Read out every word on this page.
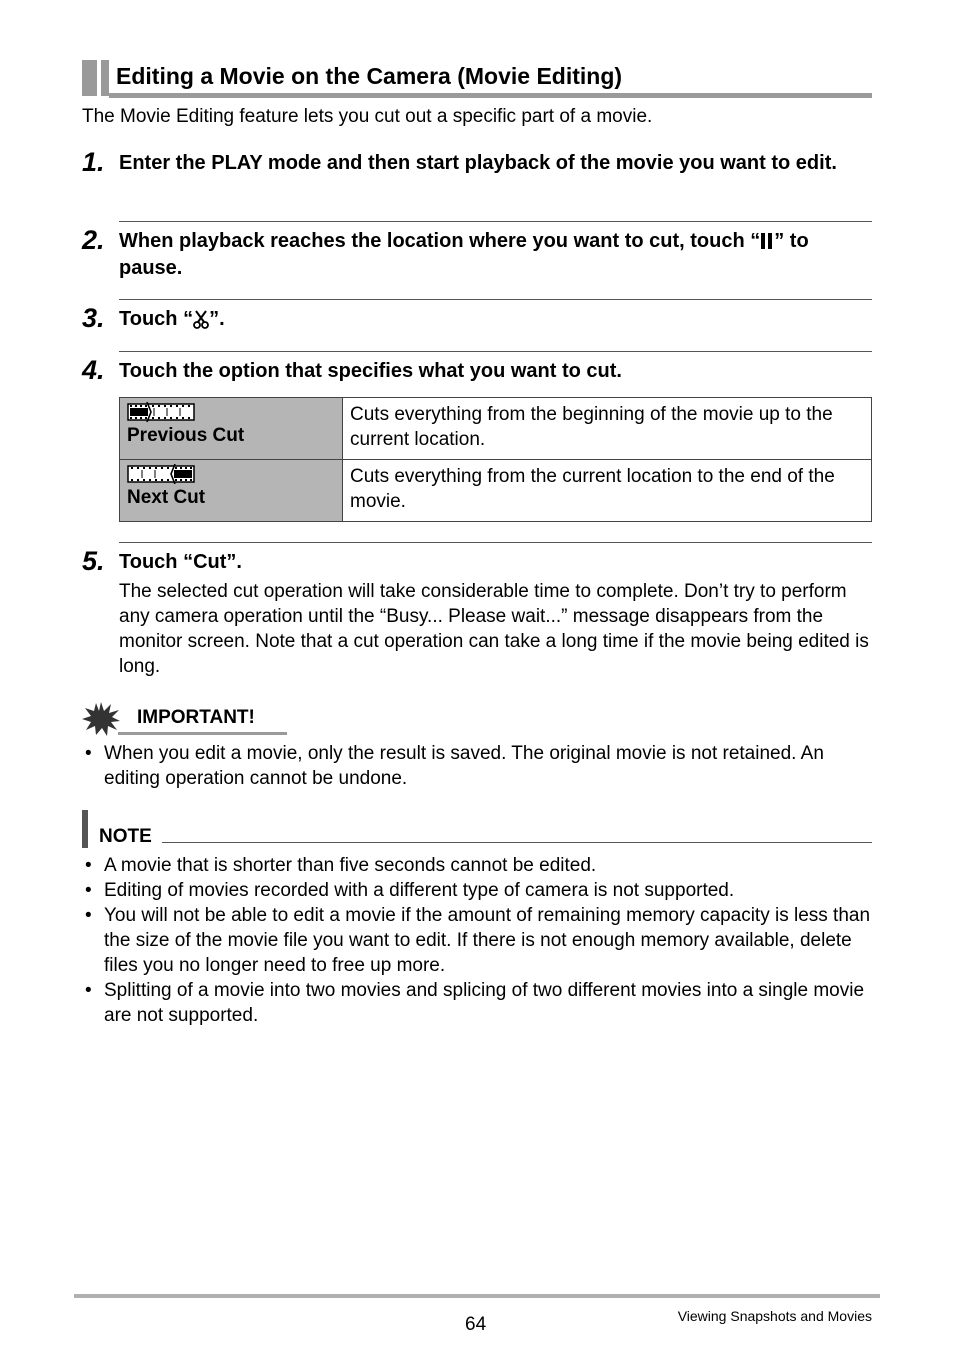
Editing a Movie on the Camera (Movie Editing)

The Movie Editing feature lets you cut out a specific part of a movie.

1. Enter the PLAY mode and then start playback of the movie you want to edit.
2. When playback reaches the location where you want to cut, touch “ ” to pause.
3. Touch “ ”.
4. Touch the option that specifies what you want to cut.
Previous Cut	Cuts everything from the beginning of the movie up to the current location.

Next Cut	Cuts everything from the current location to the end of the movie.
5. Touch “Cut”.

The selected cut operation will take considerable time to complete. Don’t try to perform any camera operation until the “Busy... Please wait...” message disappears from the monitor screen. Note that a cut operation can take a long time if the movie being edited is long.

IMPORTANT!
• When you edit a movie, only the result is saved. The original movie is not retained. An editing operation cannot be undone.
NOTE
• A movie that is shorter than five seconds cannot be edited.
• Editing of movies recorded with a different type of camera is not supported.
• You will not be able to edit a movie if the amount of remaining memory capacity is less than the size of the movie file you want to edit. If there is not enough memory available, delete files you no longer need to free up more.
• Splitting of a movie into two movies and splicing of two different movies into a single movie are not supported.
64	Viewing Snapshots and Movies
